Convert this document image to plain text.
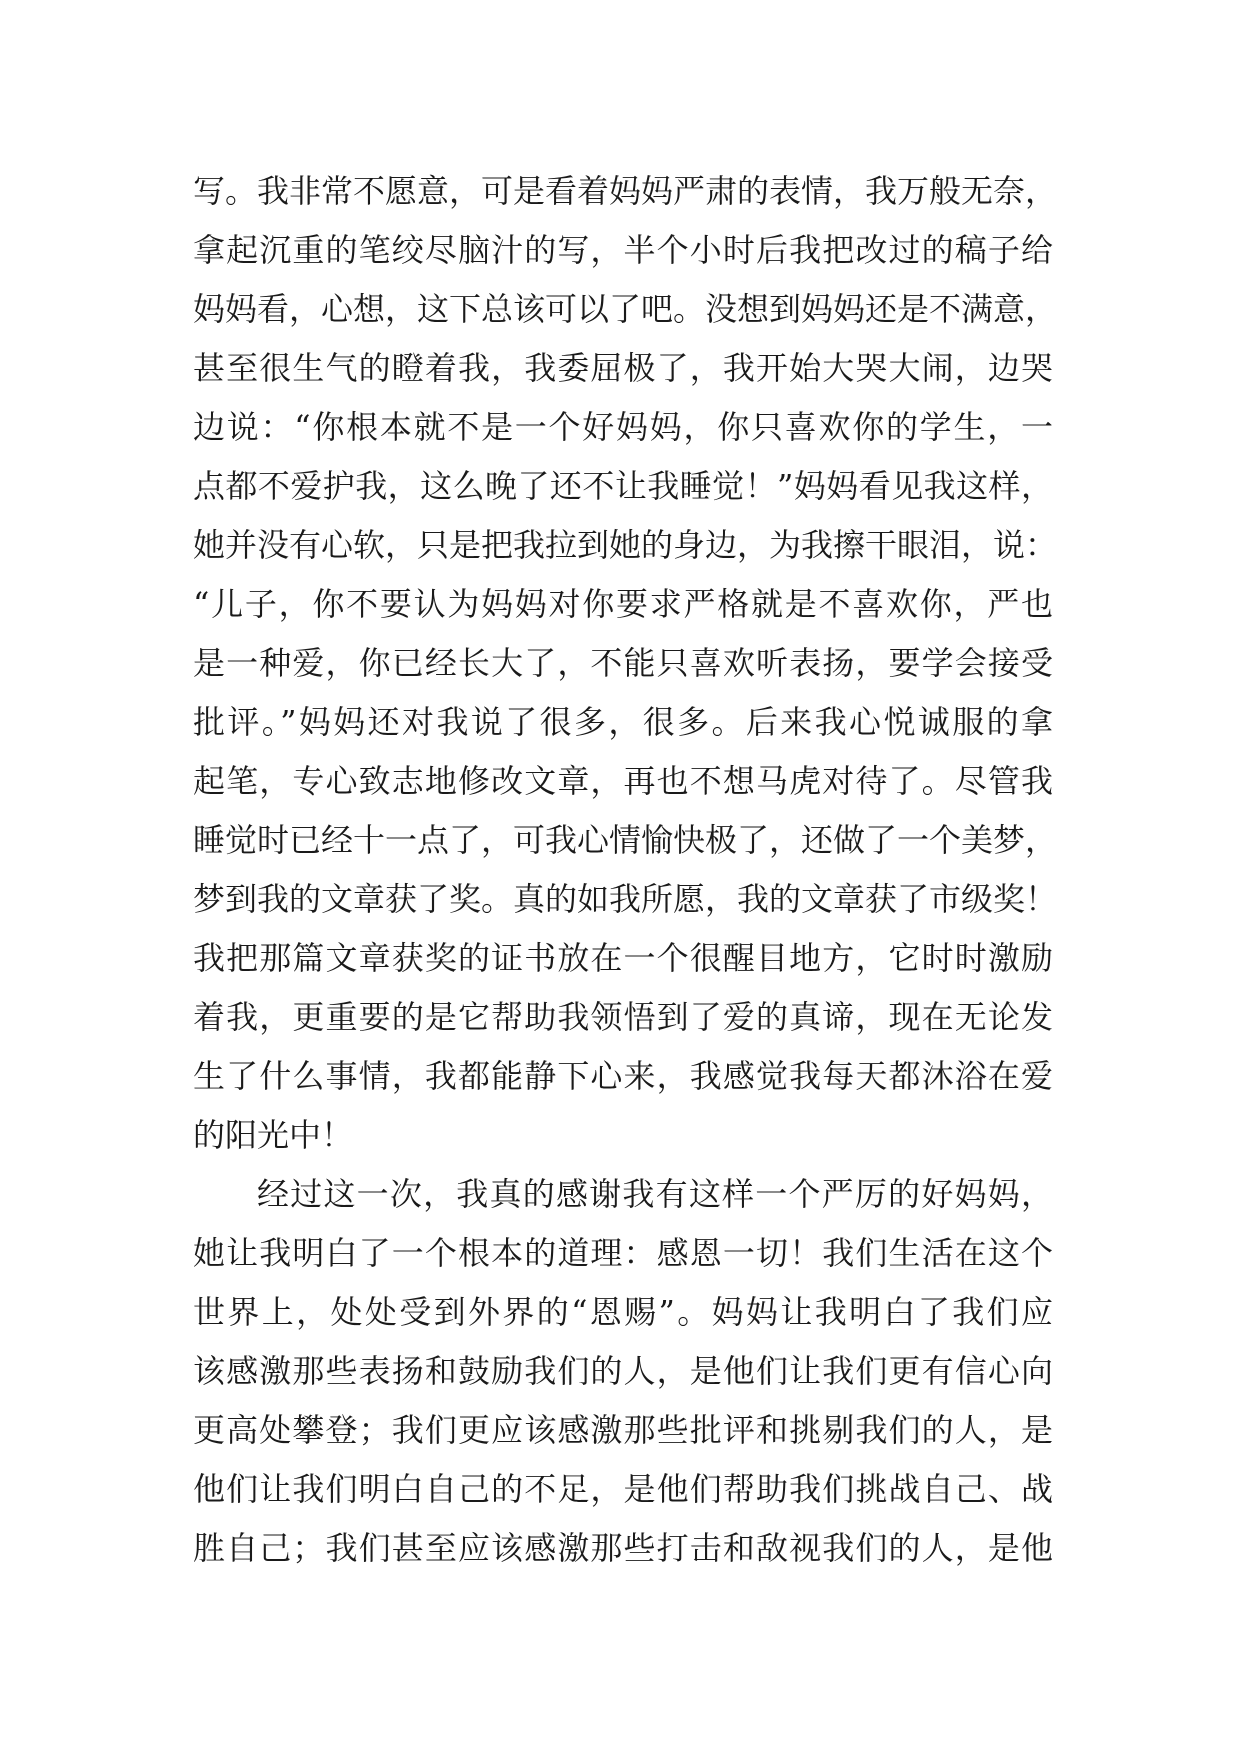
写。我非常不愿意，可是看着妈妈严肃的表情，我万般无奈，
拿起沉重的笔绞尽脑汁的写，半个小时后我把改过的稿子给
妈妈看，心想，这下总该可以了吧。没想到妈妈还是不满意，
甚至很生气的瞪着我，我委屈极了，我开始大哭大闹，边哭
边说：“你根本就不是一个好妈妈，你只喜欢你的学生，一
点都不爱护我，这么晚了还不让我睡觉！”妈妈看见我这样，
她并没有心软，只是把我拉到她的身边，为我擦干眼泪，说：
“儿子，你不要认为妈妈对你要求严格就是不喜欢你，严也
是一种爱，你已经长大了，不能只喜欢听表扬，要学会接受
批评。”妈妈还对我说了很多，很多。后来我心悦诚服的拿
起笔，专心致志地修改文章，再也不想马虎对待了。尽管我
睡觉时已经十一点了，可我心情愉快极了，还做了一个美梦，
梦到我的文章获了奖。真的如我所愿，我的文章获了市级奖！
我把那篇文章获奖的证书放在一个很醒目地方，它时时激励
着我，更重要的是它帮助我领悟到了爱的真谛，现在无论发
生了什么事情，我都能静下心来，我感觉我每天都沐浴在爱
的阳光中！
经过这一次，我真的感谢我有这样一个严厉的好妈妈，
她让我明白了一个根本的道理：感恩一切！我们生活在这个
世界上，处处受到外界的“恩赐”。妈妈让我明白了我们应
该感激那些表扬和鼓励我们的人，是他们让我们更有信心向
更高处攀登；我们更应该感激那些批评和挑剔我们的人，是
他们让我们明白自己的不足，是他们帮助我们挑战自己、战
胜自己；我们甚至应该感激那些打击和敌视我们的人，是他
